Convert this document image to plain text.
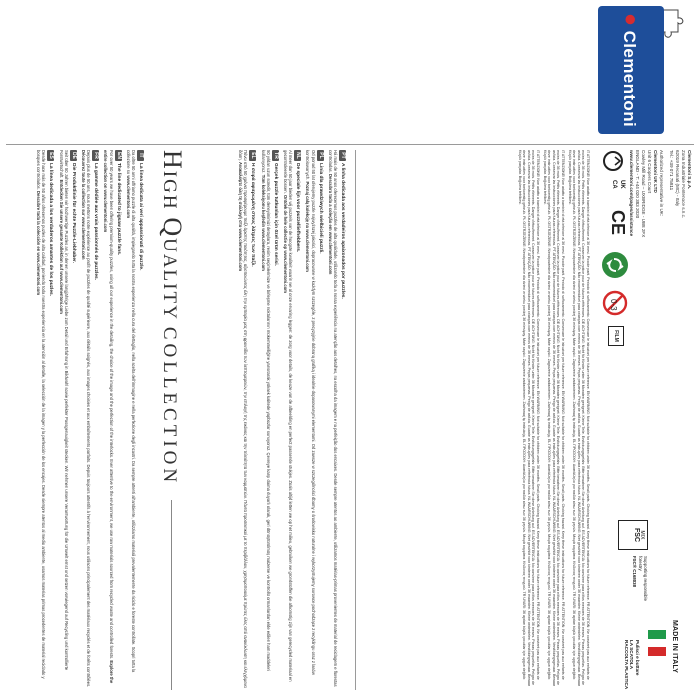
●Clementoni
Clementoni S.p.A.
Zona Industriale Fontenoce s.n.c.
62019 Recanati (MC) - Italy
Tel.: +39 071 75811
Authorized representative in UK:
Clementoni UK LTD
Unit 6 Coopers Court
Cowley Mill Road – UXBRIDGE - UB8 2FX
ENGLAND - T: +44 020 383 2020
www.clementoni.com/pages/assistance
UK
CA
CE
0-3
FILM

IT ATTENZIONE! Non adatto a bambini di età inferiore ai 36 mesi. Piccole parti. Pericolo di soffocamento. Conservare le istruzioni per future referenze. EN WARNING: Not suitable for children under 36 months. Small parts. Choking hazard. Keep these instructions for future reference. FR ATTENTION: Ne convient pas aux enfants de moins de 36 mois. Petits éléments. Danger d'étouffement. Conserver la notice pour de futures références. DE ACHTUNG: Nicht für Kinder unter 36 Monaten geeignet. Kleine Teile. Erstickungsgefahr. Bitte bewahren Sie diese Anleitung auf. ES ADVERTENCIA: No conviene para niños menores de 36 meses. Piezas pequeñas. Peligro de asfixia. Conservar las instrucciones para futuras referencias. PT ATENÇÃO: Não recomendável para crianças com menos de 36 meses. Peças pequenas. Perigo de asfixia. Guarde as instruções para referência futura. NL WAARSCHUWING: Niet geschikt voor kinderen onder 36 maanden. Kleine onderdelen. Verstikkingsgevaar. Bewaar deze instructies voor toekomstig gebruik. PL OSTRZEŻENIE: Nieodpowiednie dla dzieci w wieku poniżej 36 miesięcy. Małe części. Zagrożenie zadławieniem. Zachowaj tę instrukcję. EL ΠΡΟΣΟΧΗ: Ακατάλληλο για παιδιά κάτω των 36 μηνών. Μικρά κομμάτια. Κίνδυνος πνιγμού. TR UYARI: 36 aydan küçük çocuklar için uygun değildir. Küçük parçalar. Boğulma tehlikesi.

IT ATTENZIONE! Non adatto a bambini di età inferiore ai 36 mesi. Piccole parti. Pericolo di soffocamento. Conservare le istruzioni per future referenze. EN WARNING: Not suitable for children under 36 months. Small parts. Choking hazard. Keep these instructions for future reference. FR ATTENTION: Ne convient pas aux enfants de moins de 36 mois. Petits éléments. Danger d'étouffement. Conserver la notice pour de futures références. DE ACHTUNG: Nicht für Kinder unter 36 Monaten geeignet. Kleine Teile. Erstickungsgefahr. Bitte bewahren Sie diese Anleitung auf. ES ADVERTENCIA: No conviene para niños menores de 36 meses. Piezas pequeñas. Peligro de asfixia. Conservar las instrucciones para futuras referencias. PT ATENÇÃO: Não recomendável para crianças com menos de 36 meses. Peças pequenas. Perigo de asfixia. Guarde as instruções para referência futura. NL WAARSCHUWING: Niet geschikt voor kinderen onder 36 maanden. Kleine onderdelen. Verstikkingsgevaar. Bewaar deze instructies voor toekomstig gebruik. PL OSTRZEŻENIE: Nieodpowiednie dla dzieci w wieku poniżej 36 miesięcy. Małe części. Zagrożenie zadławieniem. Zachowaj tę instrukcję. EL ΠΡΟΣΟΧΗ: Ακατάλληλο για παιδιά κάτω των 36 μηνών. Μικρά κομμάτια. Κίνδυνος πνιγμού. TR UYARI: 36 aydan küçük çocuklar için uygun değildir. Küçük parçalar. Boğulma tehlikesi.

IT ATTENZIONE! Non adatto a bambini di età inferiore ai 36 mesi. Piccole parti. Pericolo di soffocamento. Conservare le istruzioni per future referenze. EN WARNING: Not suitable for children under 36 months. Small parts. Choking hazard. Keep these instructions for future reference. FR ATTENTION: Ne convient pas aux enfants de moins de 36 mois. Petits éléments. Danger d'étouffement. Conserver la notice pour de futures références. DE ACHTUNG: Nicht für Kinder unter 36 Monaten geeignet. Kleine Teile. Erstickungsgefahr. Bitte bewahren Sie diese Anleitung auf. ES ADVERTENCIA: No conviene para niños menores de 36 meses. Piezas pequeñas. Peligro de asfixia. Conservar las instrucciones para futuras referencias. PT ATENÇÃO: Não recomendável para crianças com menos de 36 meses. Peças pequenas. Perigo de asfixia. Guarde as instruções para referência futura. NL WAARSCHUWING: Niet geschikt voor kinderen onder 36 maanden. Kleine onderdelen. Verstikkingsgevaar. Bewaar deze instructies voor toekomstig gebruik. PL OSTRZEŻENIE: Nieodpowiednie dla dzieci w wieku poniżej 36 miesięcy. Małe części. Zagrożenie zadławieniem. Zachowaj tę instrukcję. EL ΠΡΟΣΟΧΗ: Ακατάλληλο για παιδιά κάτω των 36 μηνών. Μικρά κομμάτια. Κίνδυνος πνιγμού. TR UYARI: 36 aydan küçük çocuklar için uygun değildir. Küçük parçalar. Boğulma tehlikesi.

MIX
FSC
Supporting responsible forestry
FSC® C168038
MADE IN ITALY
Pulisci e buttare
LA SCATOLA
RACCOLTA PLASTICA
PTA linha dedicada aos verdadeiros apaixonados por puzzles.

Há mais de 50 anos oferecemos puzzles de alta qualidade, utilizando toda a nossa experiência na atenção aos detalhes, na escolha da imagem e na perfeição dos encaixes. Desde sempre atentos ao ambiente, utilizamos matérias-primas provenientes de material de reciclagem e florestas controladas. Descubra toda a coleção em www.clementoni.com

PLLinia dla prawdziwych wielbicieli puzzli.

Od ponad 50 lat oferujemy puzzle najwyższej jakości, dopracowane w każdym szczególe, z precyzyjnie dobraną grafiką i idealnie dopasowanymi elementami. Od zawsze w szczególności dbamy o środowisko naturalne i wykorzystujemy surowce pochodzące z recyklingu oraz z lasów kontrolowanych. Poznaj całą kolekcję na www.clementoni.com

NLDe speciale lijn voor puzzelliefhebbers.

Al meer dan 50 jaar bieden wij puzzels van de hoogste kwaliteit waarin we al onze ervaring leggen: de zorg voor details, de keuze van de afbeelding en perfect passende stukjes. Zoals altijd letten we op het milieu, gebruiken we grondstoffen die afkomstig zijn van gerecycled materiaal en gecontroleerde bossen. Ontdek de hele collectie op www.clementoni.com

TRGerçek puzzle tutkunları için özel ürün serisi.

50 yıldan uzun süredir, tüm deneyimimizi detaylara, resim seçimlerimize ve birleşme noktalarının mükemmelliğine yansıtarak yüksek kalitede yapbozlar sunuyoruz. Çevreye karşı daima duyarlı olarak, geri dönüştürülmüş malzeme ve kontrollü ormanlardan elde edilen ham maddeleri kullanıyoruz. Tüm koleksiyonu keşfedin www.clementoni.com

ELΗ σειρά αφιερωμένη στους λάτρεις των παζλ.

Πάνω από 50 χρόνια προσφέρουμε παζλ άριστης ποιότητας, αξιοποιώντας όλη την εμπειρία μας στη φροντίδα των λεπτομερειών, την επιλογή της εικόνας και την τελειότητα των κομματιών. Πάντα προσεκτικοί με το περιβάλλον, χρησιμοποιούμε πρώτες ύλες από ανακύκλωση και ελεγχόμενα δάση. Ανακαλύψτε όλη τη συλλογή στο www.clementoni.com

HIGH QUALITY COLLECTION
ITLa linea dedicata ai veri appassionati di puzzle.

Da oltre 50 anni offriamo puzzle di alta qualità, impiegando tutta la nostra esperienza nella cura del dettaglio, nella scelta dell'immagine e nella perfezione degli incastri. Da sempre attenti all'ambiente, utilizziamo materiali prevalentemente da riciclo e foreste controllate. Scopri tutta la collezione su www.clementoni.com

ENThe line dedicated to jigsaw puzzle fans.

For over 50 years we have been offering premium-quality puzzles, using all our experience in the detailing, the choice of the image and the perfection of the interlocks. Ever attentive to the environment, we use raw materials sourced from recycled waste and controlled forests. Explore the entire collection on www.clementoni.com

FRLa gamme dédiée aux vrais passionnés de puzzles.

Depuis plus de 50 ans, nous mettons notre expérience au profit de puzzles de qualité supérieure, aux détails soignés, aux images choisies et aux emboîtements parfaits. Depuis toujours attentifs à l'environnement, nous utilisons principalement des matériaux recyclés et de forêts contrôlées. Découvrez toute la collection sur www.clementoni.com

DEDie Produktlinie für echte Puzzle-Liebhaber.

Seit über 50 Jahren bieten wir hochwertige Puzzles an, in denen unsere langjährige Liebe zum Detail und Erfahrung in Bildwahl sowie perfekter Passgenauigkeit stecken. Wir nehmen unsere Verantwortung für die Umwelt ernst und setzen vorwiegend auf Recycling und kontrollierte Forstwirtschaft. Entdecken Sie unsere gesamte Kollektion auf www.clementoni.com

ESLa línea dedicada a los verdaderos amantes de los puzles.

Desde hace más de 50 años ofrecemos puzles de alta calidad, poniendo toda nuestra experiencia en la atención al detalle, la selección de la imagen y la perfección de los encajes. Desde siempre atentos al medio ambiente, usamos materias primas procedentes de material reciclado y bosques controlados. Descubre toda la colección en www.clementoni.com
